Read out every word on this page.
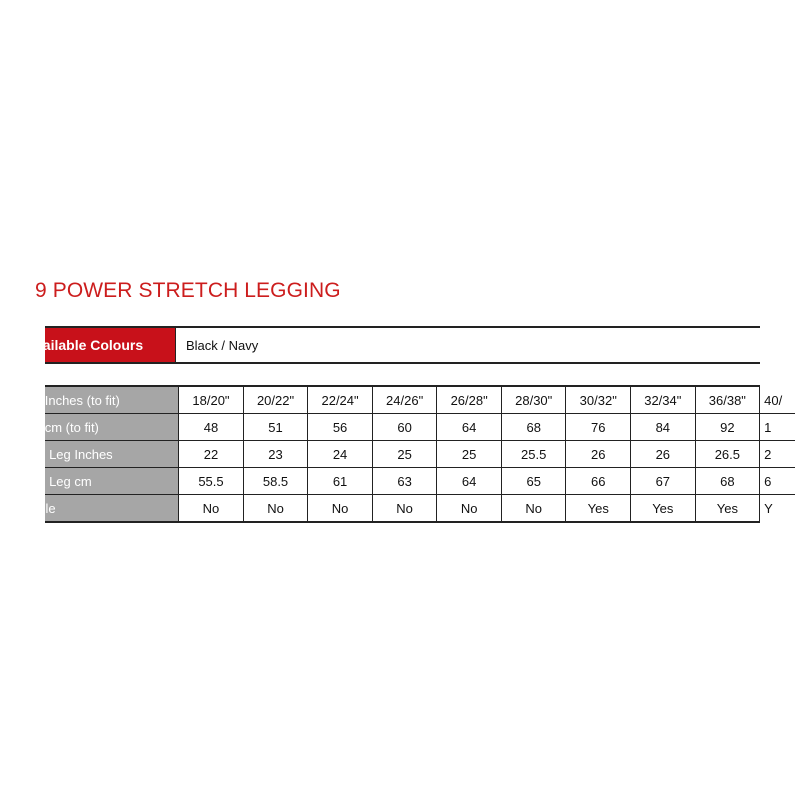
9 POWER STRETCH LEGGING
vailable Colours	Black / Navy
st Inches (to fit)	18/20"	20/22"	22/24"	24/26"	26/28"	28/30"	30/32"	32/34"	36/38"	40/

st cm (to fit)	48	51	56	60	64	68	76	84	92	1

de Leg Inches	22	23	24	25	25	25.5	26	26	26.5	2

de Leg cm	55.5	58.5	61	63	64	65	66	67	68	6

able	No	No	No	No	No	No	Yes	Yes	Yes	Y
